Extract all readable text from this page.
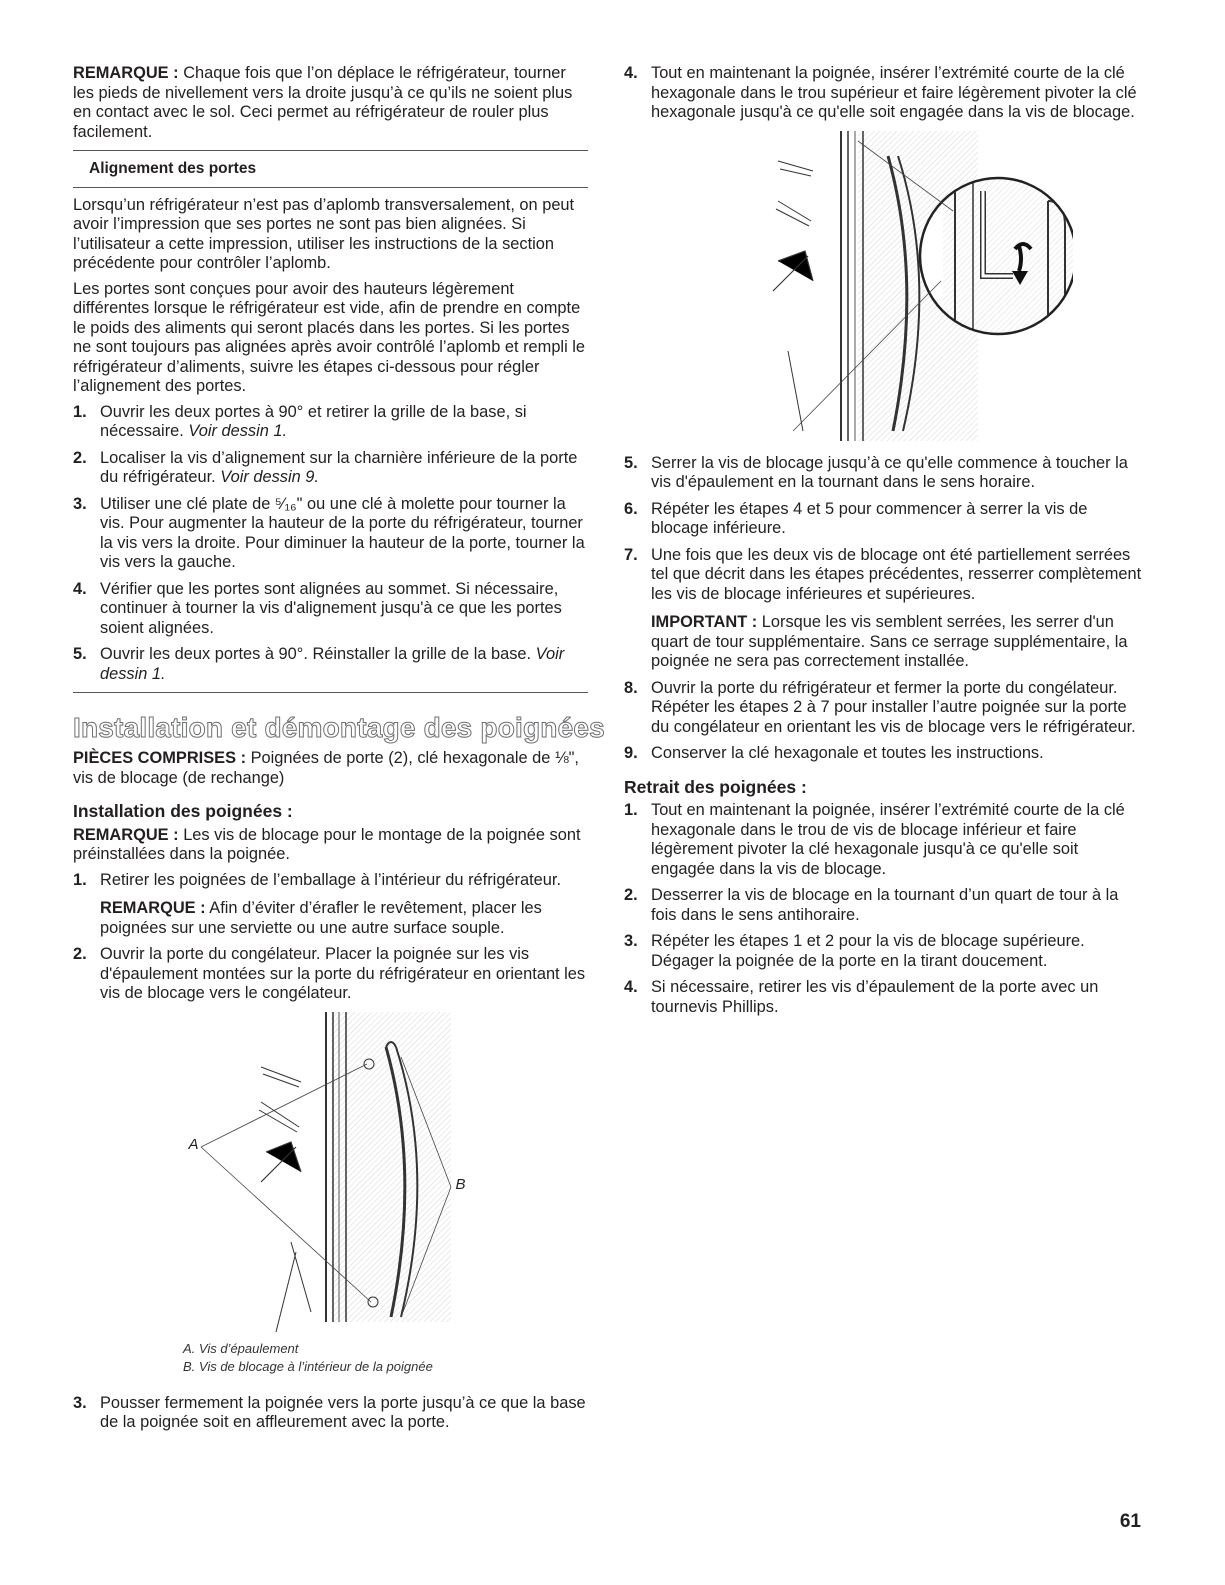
REMARQUE : Chaque fois que l’on déplace le réfrigérateur, tourner les pieds de nivellement vers la droite jusqu’à ce qu’ils ne soient plus en contact avec le sol. Ceci permet au réfrigérateur de rouler plus facilement.

Alignement des portes

Lorsqu’un réfrigérateur n’est pas d’aplomb transversalement, on peut avoir l’impression que ses portes ne sont pas bien alignées. Si l’utilisateur a cette impression, utiliser les instructions de la section précédente pour contrôler l’aplomb.

Les portes sont conçues pour avoir des hauteurs légèrement différentes lorsque le réfrigérateur est vide, afin de prendre en compte le poids des aliments qui seront placés dans les portes. Si les portes ne sont toujours pas alignées après avoir contrôlé l’aplomb et rempli le réfrigérateur d’aliments, suivre les étapes ci-dessous pour régler l’alignement des portes.

1. Ouvrir les deux portes à 90° et retirer la grille de la base, si nécessaire. Voir dessin 1.
2. Localiser la vis d’alignement sur la charnière inférieure de la porte du réfrigérateur. Voir dessin 9.
3. Utiliser une clé plate de ⁵⁄₁₆" ou une clé à molette pour tourner la vis. Pour augmenter la hauteur de la porte du réfrigérateur, tourner la vis vers la droite. Pour diminuer la hauteur de la porte, tourner la vis vers la gauche.
4. Vérifier que les portes sont alignées au sommet. Si nécessaire, continuer à tourner la vis d'alignement jusqu'à ce que les portes soient alignées.
5. Ouvrir les deux portes à 90°. Réinstaller la grille de la base. Voir dessin 1.
Installation et démontage des poignées

PIÈCES COMPRISES : Poignées de porte (2), clé hexagonale de ⅛", vis de blocage (de rechange)

Installation des poignées :

REMARQUE : Les vis de blocage pour le montage de la poignée sont préinstallées dans la poignée.

1. Retirer les poignées de l’emballage à l’intérieur du réfrigérateur.

REMARQUE : Afin d’éviter d’érafler le revêtement, placer les poignées sur une serviette ou une autre surface souple.

2. Ouvrir la porte du congélateur. Placer la poignée sur les vis d'épaulement montées sur la porte du réfrigérateur en orientant les vis de blocage vers le congélateur.
A
B
A. Vis d’épaulement
B. Vis de blocage à l’intérieur de la poignée
3. Pousser fermement la poignée vers la porte jusqu’à ce que la base de la poignée soit en affleurement avec la porte.
4. Tout en maintenant la poignée, insérer l’extrémité courte de la clé hexagonale dans le trou supérieur et faire légèrement pivoter la clé hexagonale jusqu'à ce qu'elle soit engagée dans la vis de blocage.
5. Serrer la vis de blocage jusqu’à ce qu'elle commence à toucher la vis d'épaulement en la tournant dans le sens horaire.
6. Répéter les étapes 4 et 5 pour commencer à serrer la vis de blocage inférieure.
7. Une fois que les deux vis de blocage ont été partiellement serrées tel que décrit dans les étapes précédentes, resserrer complètement les vis de blocage inférieures et supérieures.

IMPORTANT : Lorsque les vis semblent serrées, les serrer d'un quart de tour supplémentaire. Sans ce serrage supplémentaire, la poignée ne sera pas correctement installée.

8. Ouvrir la porte du réfrigérateur et fermer la porte du congélateur. Répéter les étapes 2 à 7 pour installer l’autre poignée sur la porte du congélateur en orientant les vis de blocage vers le réfrigérateur.
9. Conserver la clé hexagonale et toutes les instructions.
Retrait des poignées :
1. Tout en maintenant la poignée, insérer l’extrémité courte de la clé hexagonale dans le trou de vis de blocage inférieur et faire légèrement pivoter la clé hexagonale jusqu'à ce qu'elle soit engagée dans la vis de blocage.
2. Desserrer la vis de blocage en la tournant d’un quart de tour à la fois dans le sens antihoraire.
3. Répéter les étapes 1 et 2 pour la vis de blocage supérieure. Dégager la poignée de la porte en la tirant doucement.
4. Si nécessaire, retirer les vis d’épaulement de la porte avec un tournevis Phillips.
61
